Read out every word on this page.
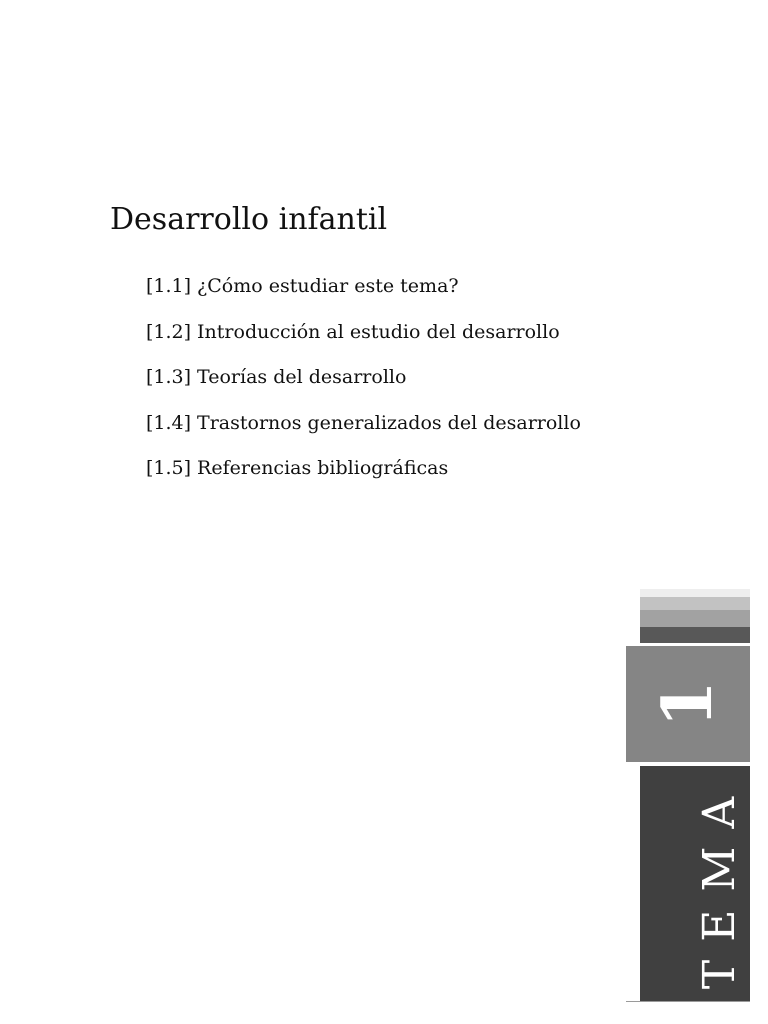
Desarrollo infantil
[1.1] ¿Cómo estudiar este tema?
[1.2] Introducción al estudio del desarrollo
[1.3] Teorías del desarrollo
[1.4] Trastornos generalizados del desarrollo
[1.5] Referencias bibliográficas
1
TEMA
